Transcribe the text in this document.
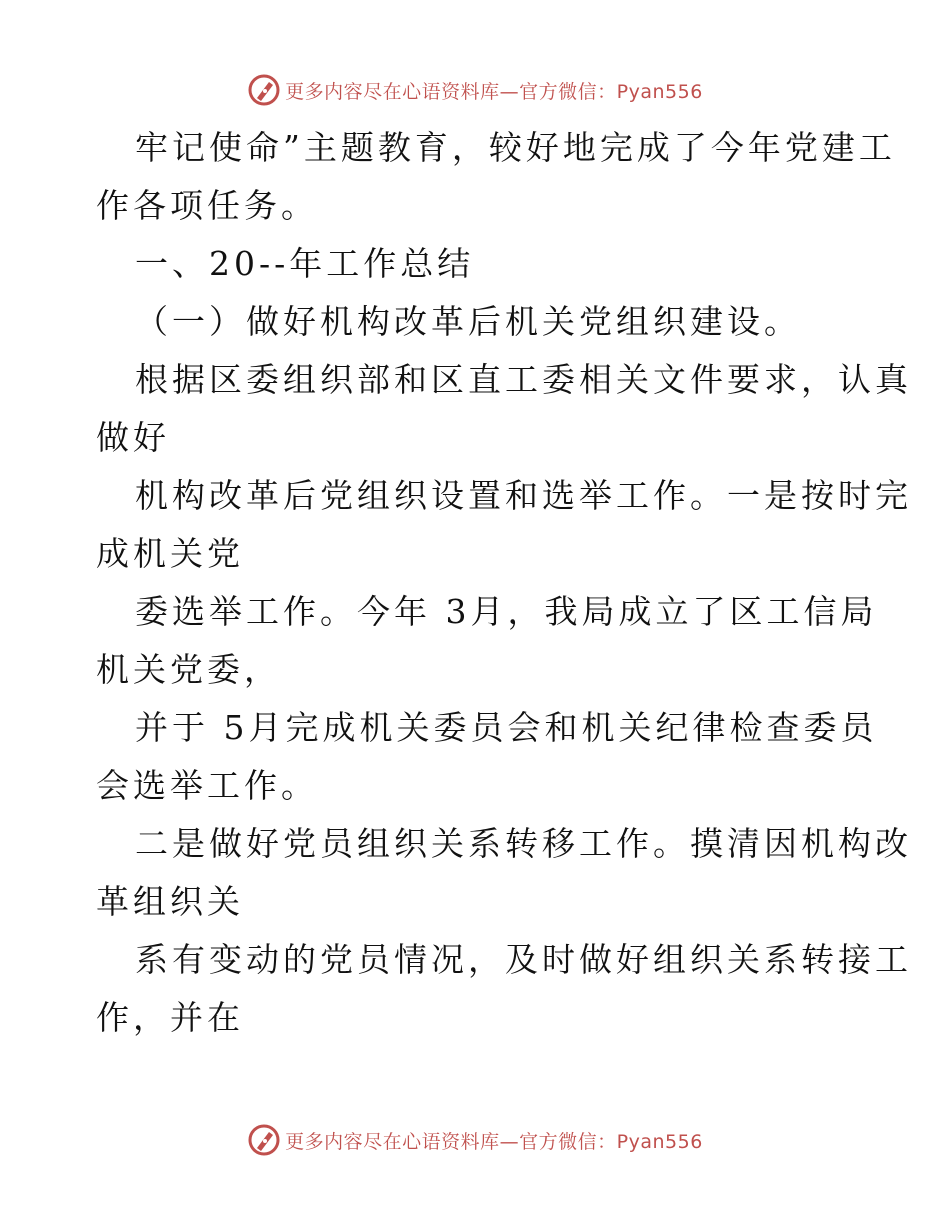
更多内容尽在心语资料库—官方微信：Pyan556
牢记使命”主题教育，较好地完成了今年党建工
作各项任务。
一、20--年工作总结
（一）做好机构改革后机关党组织建设。
根据区委组织部和区直工委相关文件要求，认真
做好
机构改革后党组织设置和选举工作。一是按时完
成机关党
委选举工作。今年 3月，我局成立了区工信局
机关党委，
并于 5月完成机关委员会和机关纪律检查委员
会选举工作。
二是做好党员组织关系转移工作。摸清因机构改
革组织关
系有变动的党员情况，及时做好组织关系转接工
作，并在
更多内容尽在心语资料库—官方微信：Pyan556
